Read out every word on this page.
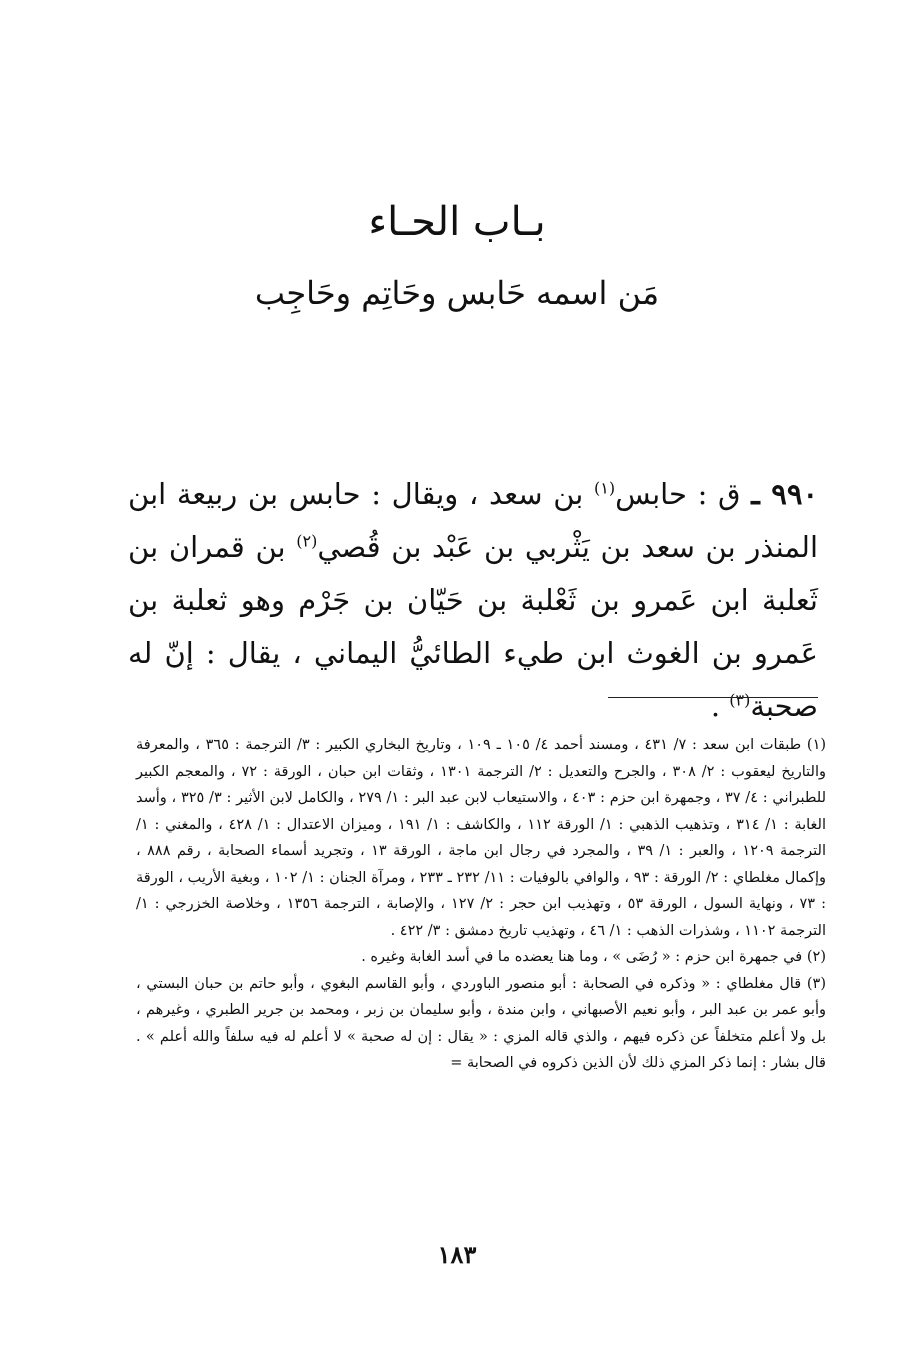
بـاب الحـاء
مَن اسمه حَابس وحَاتِم وحَاجِب
٩٩٠ ـ ق : حابس$^{(١)}$ بن سعد ، ويقال : حابس بن ربيعة ابن المنذر بن سعد بن يَثْربي بن عَبْد بن قُصي$^{(٢)}$ بن قمران بن ثَعلبة ابن عَمرو بن ثَعْلبة بن حَيّان بن جَرْم وهو ثعلبة بن عَمرو بن الغوث ابن طيء الطائيُّ اليماني ، يقال : إنّ له صحبة$^{(٣)}$ .

(١) طبقات ابن سعد : ٧/ ٤٣١ ، ومسند أحمد ٤/ ١٠٥ ـ ١٠٩ ، وتاريخ البخاري الكبير : ٣/ الترجمة : ٣٦٥ ، والمعرفة والتاريخ ليعقوب : ٢/ ٣٠٨ ، والجرح والتعديل : ٢/ الترجمة ١٣٠١ ، وثقات ابن حبان ، الورقة : ٧٢ ، والمعجم الكبير للطبراني : ٤/ ٣٧ ، وجمهرة ابن حزم : ٤٠٣ ، والاستيعاب لابن عبد البر : ١/ ٢٧٩ ، والكامل لابن الأثير : ٣/ ٣٢٥ ، وأسد الغابة : ١/ ٣١٤ ، وتذهيب الذهبي : ١/ الورقة ١١٢ ، والكاشف : ١/ ١٩١ ، وميزان الاعتدال : ١/ ٤٢٨ ، والمغني : ١/ الترجمة ١٢٠٩ ، والعبر : ١/ ٣٩ ، والمجرد في رجال ابن ماجة ، الورقة ١٣ ، وتجريد أسماء الصحابة ، رقم ٨٨٨ ، وإكمال مغلطاي : ٢/ الورقة : ٩٣ ، والوافي بالوفيات : ١١/ ٢٣٢ ـ ٢٣٣ ، ومرآة الجنان : ١/ ١٠٢ ، وبغية الأريب ، الورقة : ٧٣ ، ونهاية السول ، الورقة ٥٣ ، وتهذيب ابن حجر : ٢/ ١٢٧ ، والإصابة ، الترجمة ١٣٥٦ ، وخلاصة الخزرجي : ١/ الترجمة ١١٠٢ ، وشذرات الذهب : ١/ ٤٦ ، وتهذيب تاريخ دمشق : ٣/ ٤٢٢ .

(٢) في جمهرة ابن حزم : « رُضَى » ، وما هنا يعضده ما في أسد الغابة وغيره .

(٣) قال مغلطاي : « وذكره في الصحابة : أبو منصور الباوردي ، وأبو القاسم البغوي ، وأبو حاتم بن حبان البستي ، وأبو عمر بن عبد البر ، وأبو نعيم الأصبهاني ، وابن مندة ، وأبو سليمان بن زبر ، ومحمد بن جرير الطبري ، وغيرهم ، بل ولا أعلم متخلفاً عن ذكره فيهم ، والذي قاله المزي : « يقال : إن له صحبة » لا أعلم له فيه سلفاً والله أعلم » . قال بشار : إنما ذكر المزي ذلك لأن الذين ذكروه في الصحابة =

١٨٣
